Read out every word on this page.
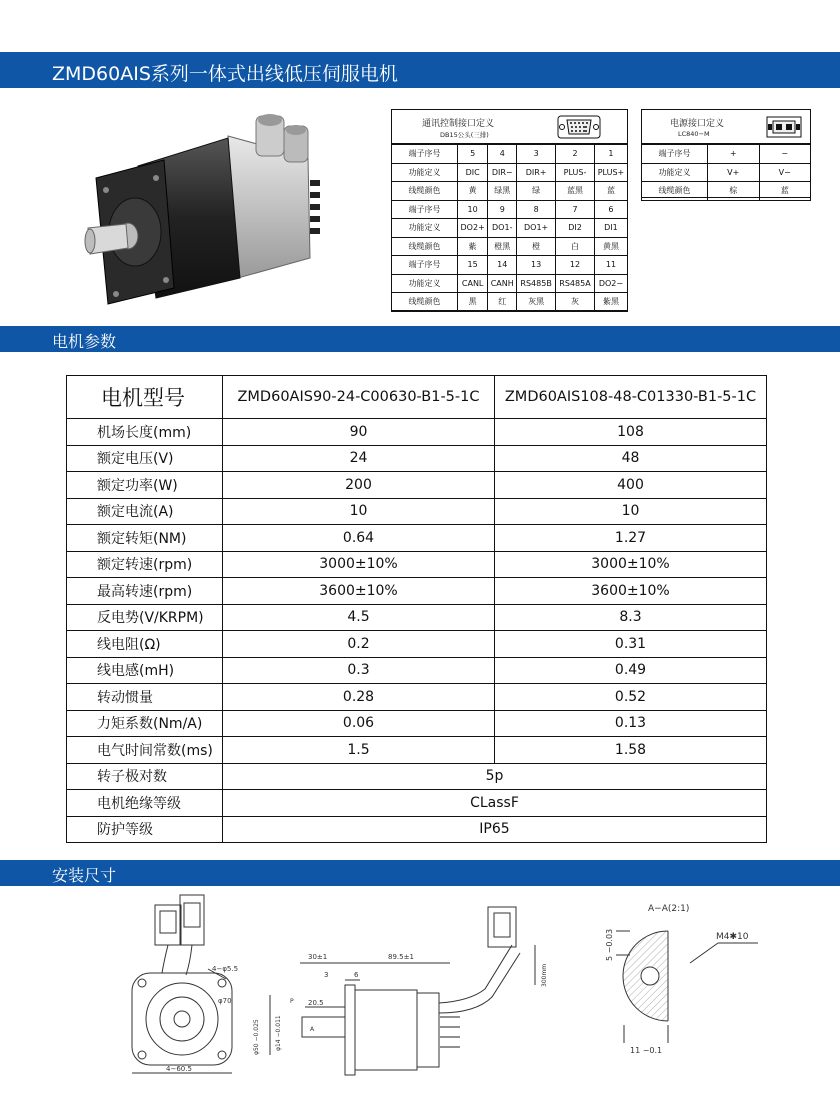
ZMD60AIS系列一体式出线低压伺服电机
通讯控制接口定义
DB15公头(三排)
端子序号	5	4	3	2	1
功能定义	DIC	DIR−	DIR+	PLUS-	PLUS+
线缆颜色	黄	绿黑	绿	蓝黑	蓝
端子序号	10	9	8	7	6
功能定义	DO2+	DO1-	DO1+	DI2	DI1
线缆颜色	紫	橙黑	橙	白	黄黑
端子序号	15	14	13	12	11
功能定义	CANL	CANH	RS485B	RS485A	DO2−
线缆颜色	黑	红	灰黑	灰	紫黑
电源接口定义
LC840−M
端子序号	+	−
功能定义	V+	V−
线缆颜色	棕	蓝
电机参数
电机型号	ZMD60AIS90-24-C00630-B1-5-1C	ZMD60AIS108-48-C01330-B1-5-1C
机场长度(mm)	90	108
额定电压(V)	24	48
额定功率(W)	200	400
额定电流(A)	10	10
额定转矩(NM)	0.64	1.27
额定转速(rpm)	3000±10%	3000±10%
最高转速(rpm)	3600±10%	3600±10%
反电势(V/KRPM)	4.5	8.3
线电阻(Ω)	0.2	0.31
线电感(mH)	0.3	0.49
转动惯量	0.28	0.52
力矩系数(Nm/A)	0.06	0.13
电气时间常数(ms)	1.5	1.58
转子极对数	5p	
电机绝缘等级	CLassF	
防护等级	IP65	
安装尺寸
4−φ5.5
φ70
4−60.5
30±1	89.5±1
3	6
20.5
P
A
φ50 −0.025	φ14 −0.011
300mm
A−A(2:1)
M4✱10
5 −0.03
11 −0.1
